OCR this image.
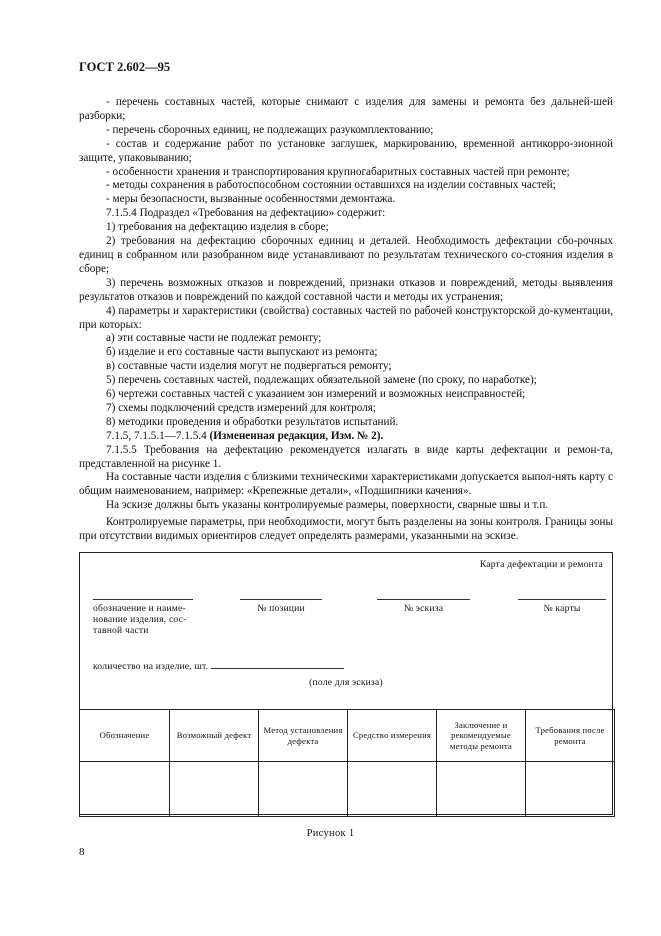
ГОСТ 2.602—95

- перечень составных частей, которые снимают с изделия для замены и ремонта без дальней-шей разборки;

- перечень сборочных единиц, не подлежащих разукомплектованию;

- состав и содержание работ по установке заглушек, маркированию, временной антикорро-зионной защите, упаковыванию;

- особенности хранения и транспортирования крупногабаритных составных частей при ремонте;

- методы сохранения в работоспособном состоянии оставшихся на изделии составных частей;

- меры безопасности, вызванные особенностями демонтажа.

7.1.5.4 Подраздел «Требования на дефектацию» содержит:

1) требования на дефектацию изделия в сборе;

2) требования на дефектацию сборочных единиц и деталей. Необходимость дефектации сбо-рочных единиц в собранном или разобранном виде устанавливают по результатам технического со-стояния изделия в сборе;

3) перечень возможных отказов и повреждений, признаки отказов и повреждений, методы выявления результатов отказов и повреждений по каждой составной части и методы их устранения;

4) параметры и характеристики (свойства) составных частей по рабочей конструкторской до-кументации, при которых:

а) эти составные части не подлежат ремонту;

б) изделие и его составные части выпускают из ремонта;

в) составные части изделия могут не подвергаться ремонту;

5) перечень составных частей, подлежащих обязательной замене (по сроку, по наработке);

6) чертежи составных частей с указанием зон измерений и возможных неисправностей;

7) схемы подключений средств измерений для контроля;

8) методики проведения и обработки результатов испытаний.

7.1.5, 7.1.5.1—7.1.5.4 (Измененная редакция, Изм. № 2).

7.1.5.5 Требования на дефектацию рекомендуется излагать в виде карты дефектации и ремон-та, представленной на рисунке 1.

На составные части изделия с близкими техническими характеристиками допускается выпол-нять карту с общим наименованием, например: «Крепежные детали», «Подшипники качения».

На эскизе должны быть указаны контролируемые размеры, поверхности, сварные швы и т.п.

Контролируемые параметры, при необходимости, могут быть разделены на зоны контроля. Границы зоны при отсутствии видимых ориентиров следует определять размерами, указанными на эскизе.

Карта дефектации и ремонта
обозначение и наиме-нование изделия, сос-тавной части
№ позиции	№ эскиза	№ карты
количество на изделие, шт.
(поле для эскиза)
Обозначение	Возможный дефект	Метод установления дефекта	Средство измерения	Заключение и рекомендуемые методы ремонта	Требования после ремонта

Рисунок 1
8
